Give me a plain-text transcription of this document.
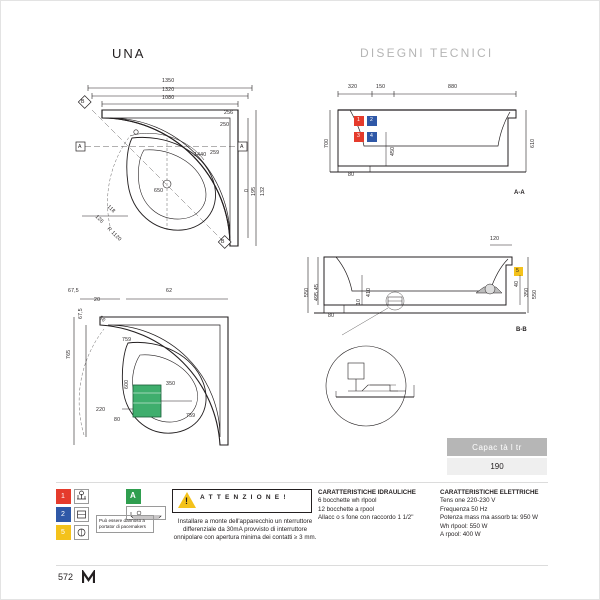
UNA	DISEGNI TECNICI
1350
1320
1080
1440
250
256
650	132
195
0
259
118
126
R 1120
A	A
B
B
67,5
20
62
765
67,5
759
600	350
759
220
80
56
320	150	880
700	610
450
80
1 2
3 4
A-A
120
550 495,45	410	350 550
40
10
80
5
B-B
Capac tà l tr
190
1
2
5
A
Può essere dannoso a portator di pacemakers
! A T T E N Z I O N E !
Installare a monte dell'apparecchio un nterruttore differenziale da 30mA provvisto di interruttore onnipolare con apertura minima dei contatti ≥ 3 mm.
CARATTERISTICHE IDRAULICHE
6 bocchette wh rlpool
12 bocchette a rpool
Allacc o s fone con raccordo 1 1/2"
CARATTERISTICHE ELETTRICHE
Tens one 220-230 V
Frequenza 50 Hz
Potenza mass ma assorb ta: 950 W
Wh rlpool: 550 W
A rpool: 400 W
572
